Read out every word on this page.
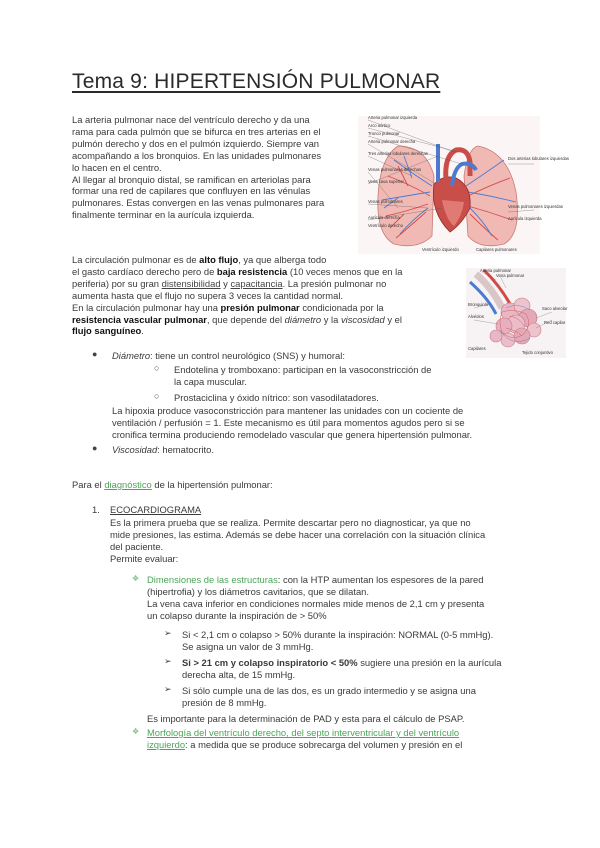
Tema 9: HIPERTENSIÓN PULMONAR
La arteria pulmonar nace del ventrículo derecho y da una
rama para cada pulmón que se bifurca en tres arterias en el
pulmón derecho y dos en el pulmón izquierdo. Siempre van
acompañando a los bronquios. En las unidades pulmonares
lo hacen en el centro.
Al llegar al bronquio distal, se ramifican en arteriolas para
formar una red de capilares que confluyen en las vénulas
pulmonares. Estas convergen en las venas pulmonares para
finalmente terminar en la aurícula izquierda.
Arteria pulmonar izquierda
Arco aórtico
Tronco pulmonar
Arteria pulmonar derecha
Tres arterias lobulares derechas
Venas pulmonares derechas
Vena cava superior
Venas pulmonares
Aurícula derecha
Ventrículo derecho
Ventrículo izquierdo
Dos arterias lobulares izquierdas
Venas pulmonares izquierdas
Aurícula izquierda
Capilares pulmonares
Arteria pulmonar
Vena pulmonar
Bronquiolo
Alvéolos
Capilares
Tejido conjuntivo
Saco alveolar
Red capilar
La circulación pulmonar es de alto flujo, ya que alberga todo
el gasto cardíaco derecho pero de baja resistencia (10 veces menos que en la
periferia) por su gran distensibilidad y capacitancia. La presión pulmonar no
aumenta hasta que el flujo no supera 3 veces la cantidad normal.
En la circulación pulmonar hay una presión pulmonar condicionada por la
resistencia vascular pulmonar, que depende del diámetro y la viscosidad y el
flujo sanguíneo.
● Diámetro: tiene un control neurológico (SNS) y humoral:
○ Endotelina y tromboxano: participan en la vasoconstricción de
la capa muscular.
○ Prostaciclina y óxido nítrico: son vasodilatadores.
La hipoxia produce vasoconstricción para mantener las unidades con un cociente de
ventilación / perfusión = 1. Este mecanismo es útil para momentos agudos pero si se
cronifica termina produciendo remodelado vascular que genera hipertensión pulmonar.
● Viscosidad: hematocrito.
Para el diagnóstico de la hipertensión pulmonar:
1. ECOCARDIOGRAMA
Es la primera prueba que se realiza. Permite descartar pero no diagnosticar, ya que no
mide presiones, las estima. Además se debe hacer una correlación con la situación clínica
del paciente.
Permite evaluar:
❖ Dimensiones de las estructuras: con la HTP aumentan los espesores de la pared
(hipertrofia) y los diámetros cavitarios, que se dilatan.
La vena cava inferior en condiciones normales mide menos de 2,1 cm y presenta
un colapso durante la inspiración de > 50%
➢ Si < 2,1 cm o colapso > 50% durante la inspiración: NORMAL (0-5 mmHg).
Se asigna un valor de 3 mmHg.
➢ Si > 21 cm y colapso inspiratorio < 50% sugiere una presión en la aurícula
derecha alta, de 15 mmHg.
➢ Si sólo cumple una de las dos, es un grado intermedio y se asigna una
presión de 8 mmHg.
Es importante para la determinación de PAD y esta para el cálculo de PSAP.
❖ Morfología del ventrículo derecho, del septo interventricular y del ventrículo
izquierdo: a medida que se produce sobrecarga del volumen y presión en el
